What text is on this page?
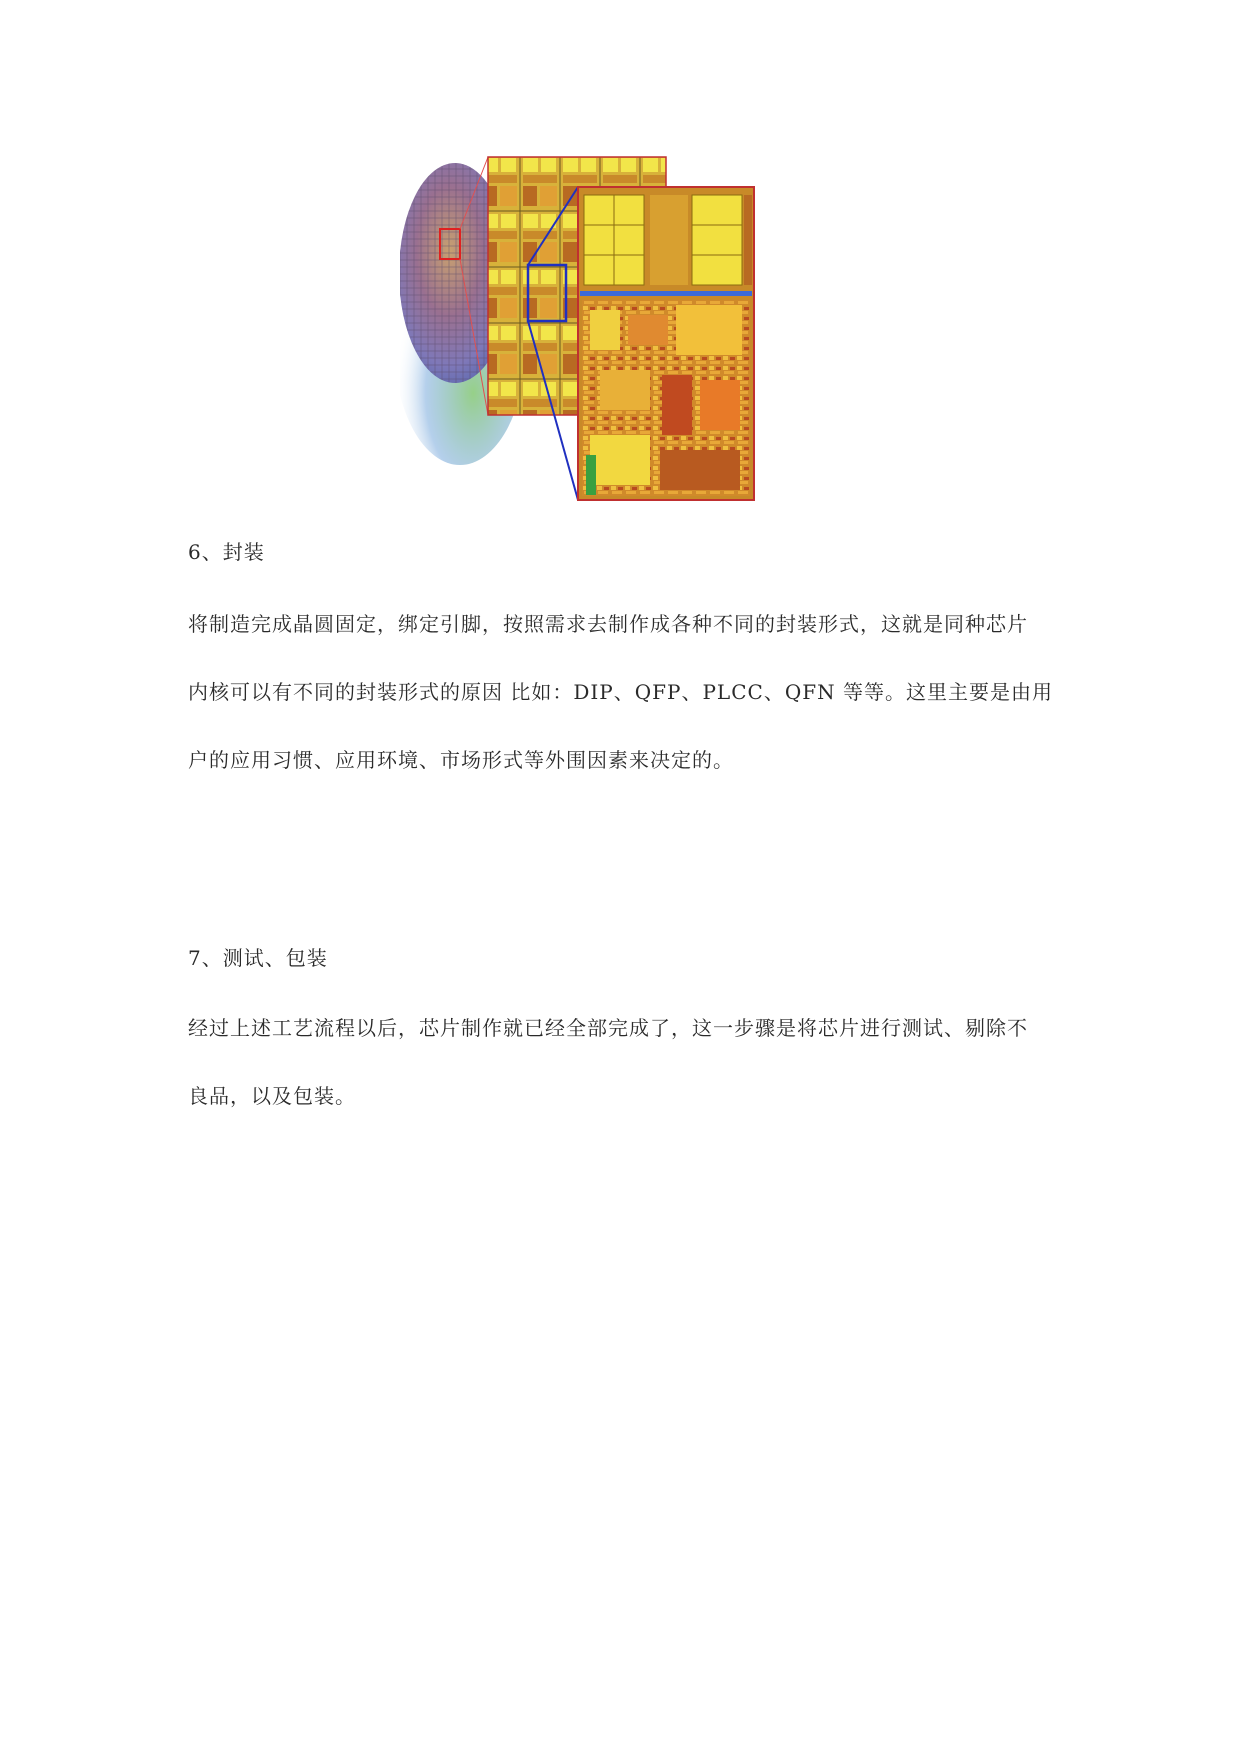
6、封装
将制造完成晶圆固定，绑定引脚，按照需求去制作成各种不同的封装形式，这就是同种芯片
内核可以有不同的封装形式的原因 比如：DIP、QFP、PLCC、QFN 等等。这里主要是由用
户的应用习惯、应用环境、市场形式等外围因素来决定的。
7、测试、包装
经过上述工艺流程以后，芯片制作就已经全部完成了，这一步骤是将芯片进行测试、剔除不
良品，以及包装。
